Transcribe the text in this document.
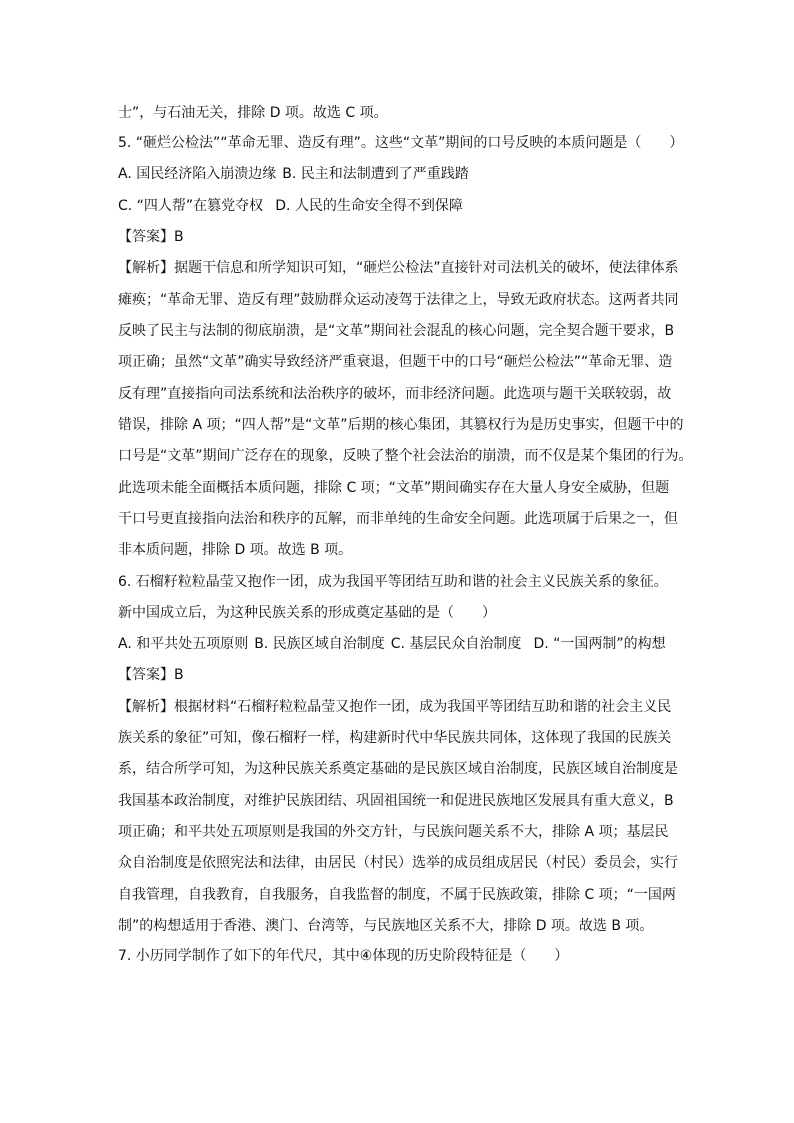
士”，与石油无关，排除 D 项。故选 C 项。
5. “砸烂公检法”“革命无罪、造反有理”。这些“文革”期间的口号反映的本质问题是（　　）
A. 国民经济陷入崩溃边缘 B. 民主和法制遭到了严重践踏
C. “四人帮”在篡党夺权 D. 人民的生命安全得不到保障
【答案】B
【解析】据题干信息和所学知识可知，“砸烂公检法”直接针对司法机关的破坏，使法律体系
瘫痪；“革命无罪、造反有理”鼓励群众运动凌驾于法律之上，导致无政府状态。这两者共同
反映了民主与法制的彻底崩溃，是“文革”期间社会混乱的核心问题，完全契合题干要求，B
项正确；虽然“文革”确实导致经济严重衰退，但题干中的口号“砸烂公检法”“革命无罪、造
反有理”直接指向司法系统和法治秩序的破坏，而非经济问题。此选项与题干关联较弱，故
错误，排除 A 项；“四人帮”是“文革”后期的核心集团，其篡权行为是历史事实，但题干中的
口号是“文革”期间广泛存在的现象，反映了整个社会法治的崩溃，而不仅是某个集团的行为。
此选项未能全面概括本质问题，排除 C 项；“文革”期间确实存在大量人身安全威胁，但题
干口号更直接指向法治和秩序的瓦解，而非单纯的生命安全问题。此选项属于后果之一，但
非本质问题，排除 D 项。故选 B 项。
6. 石榴籽粒粒晶莹又抱作一团，成为我国平等团结互助和谐的社会主义民族关系的象征。
新中国成立后，为这种民族关系的形成奠定基础的是（　　）
A. 和平共处五项原则 B. 民族区域自治制度 C. 基层民众自治制度 D. “一国两制”的构想
【答案】B
【解析】根据材料“石榴籽粒粒晶莹又抱作一团，成为我国平等团结互助和谐的社会主义民
族关系的象征”可知，像石榴籽一样，构建新时代中华民族共同体，这体现了我国的民族关
系，结合所学可知，为这种民族关系奠定基础的是民族区域自治制度，民族区域自治制度是
我国基本政治制度，对维护民族团结、巩固祖国统一和促进民族地区发展具有重大意义，B
项正确；和平共处五项原则是我国的外交方针，与民族问题关系不大，排除 A 项；基层民
众自治制度是依照宪法和法律，由居民（村民）选举的成员组成居民（村民）委员会，实行
自我管理，自我教育，自我服务，自我监督的制度，不属于民族政策，排除 C 项；“一国两
制”的构想适用于香港、澳门、台湾等，与民族地区关系不大，排除 D 项。故选 B 项。
7. 小历同学制作了如下的年代尺，其中④体现的历史阶段特征是（　　）
